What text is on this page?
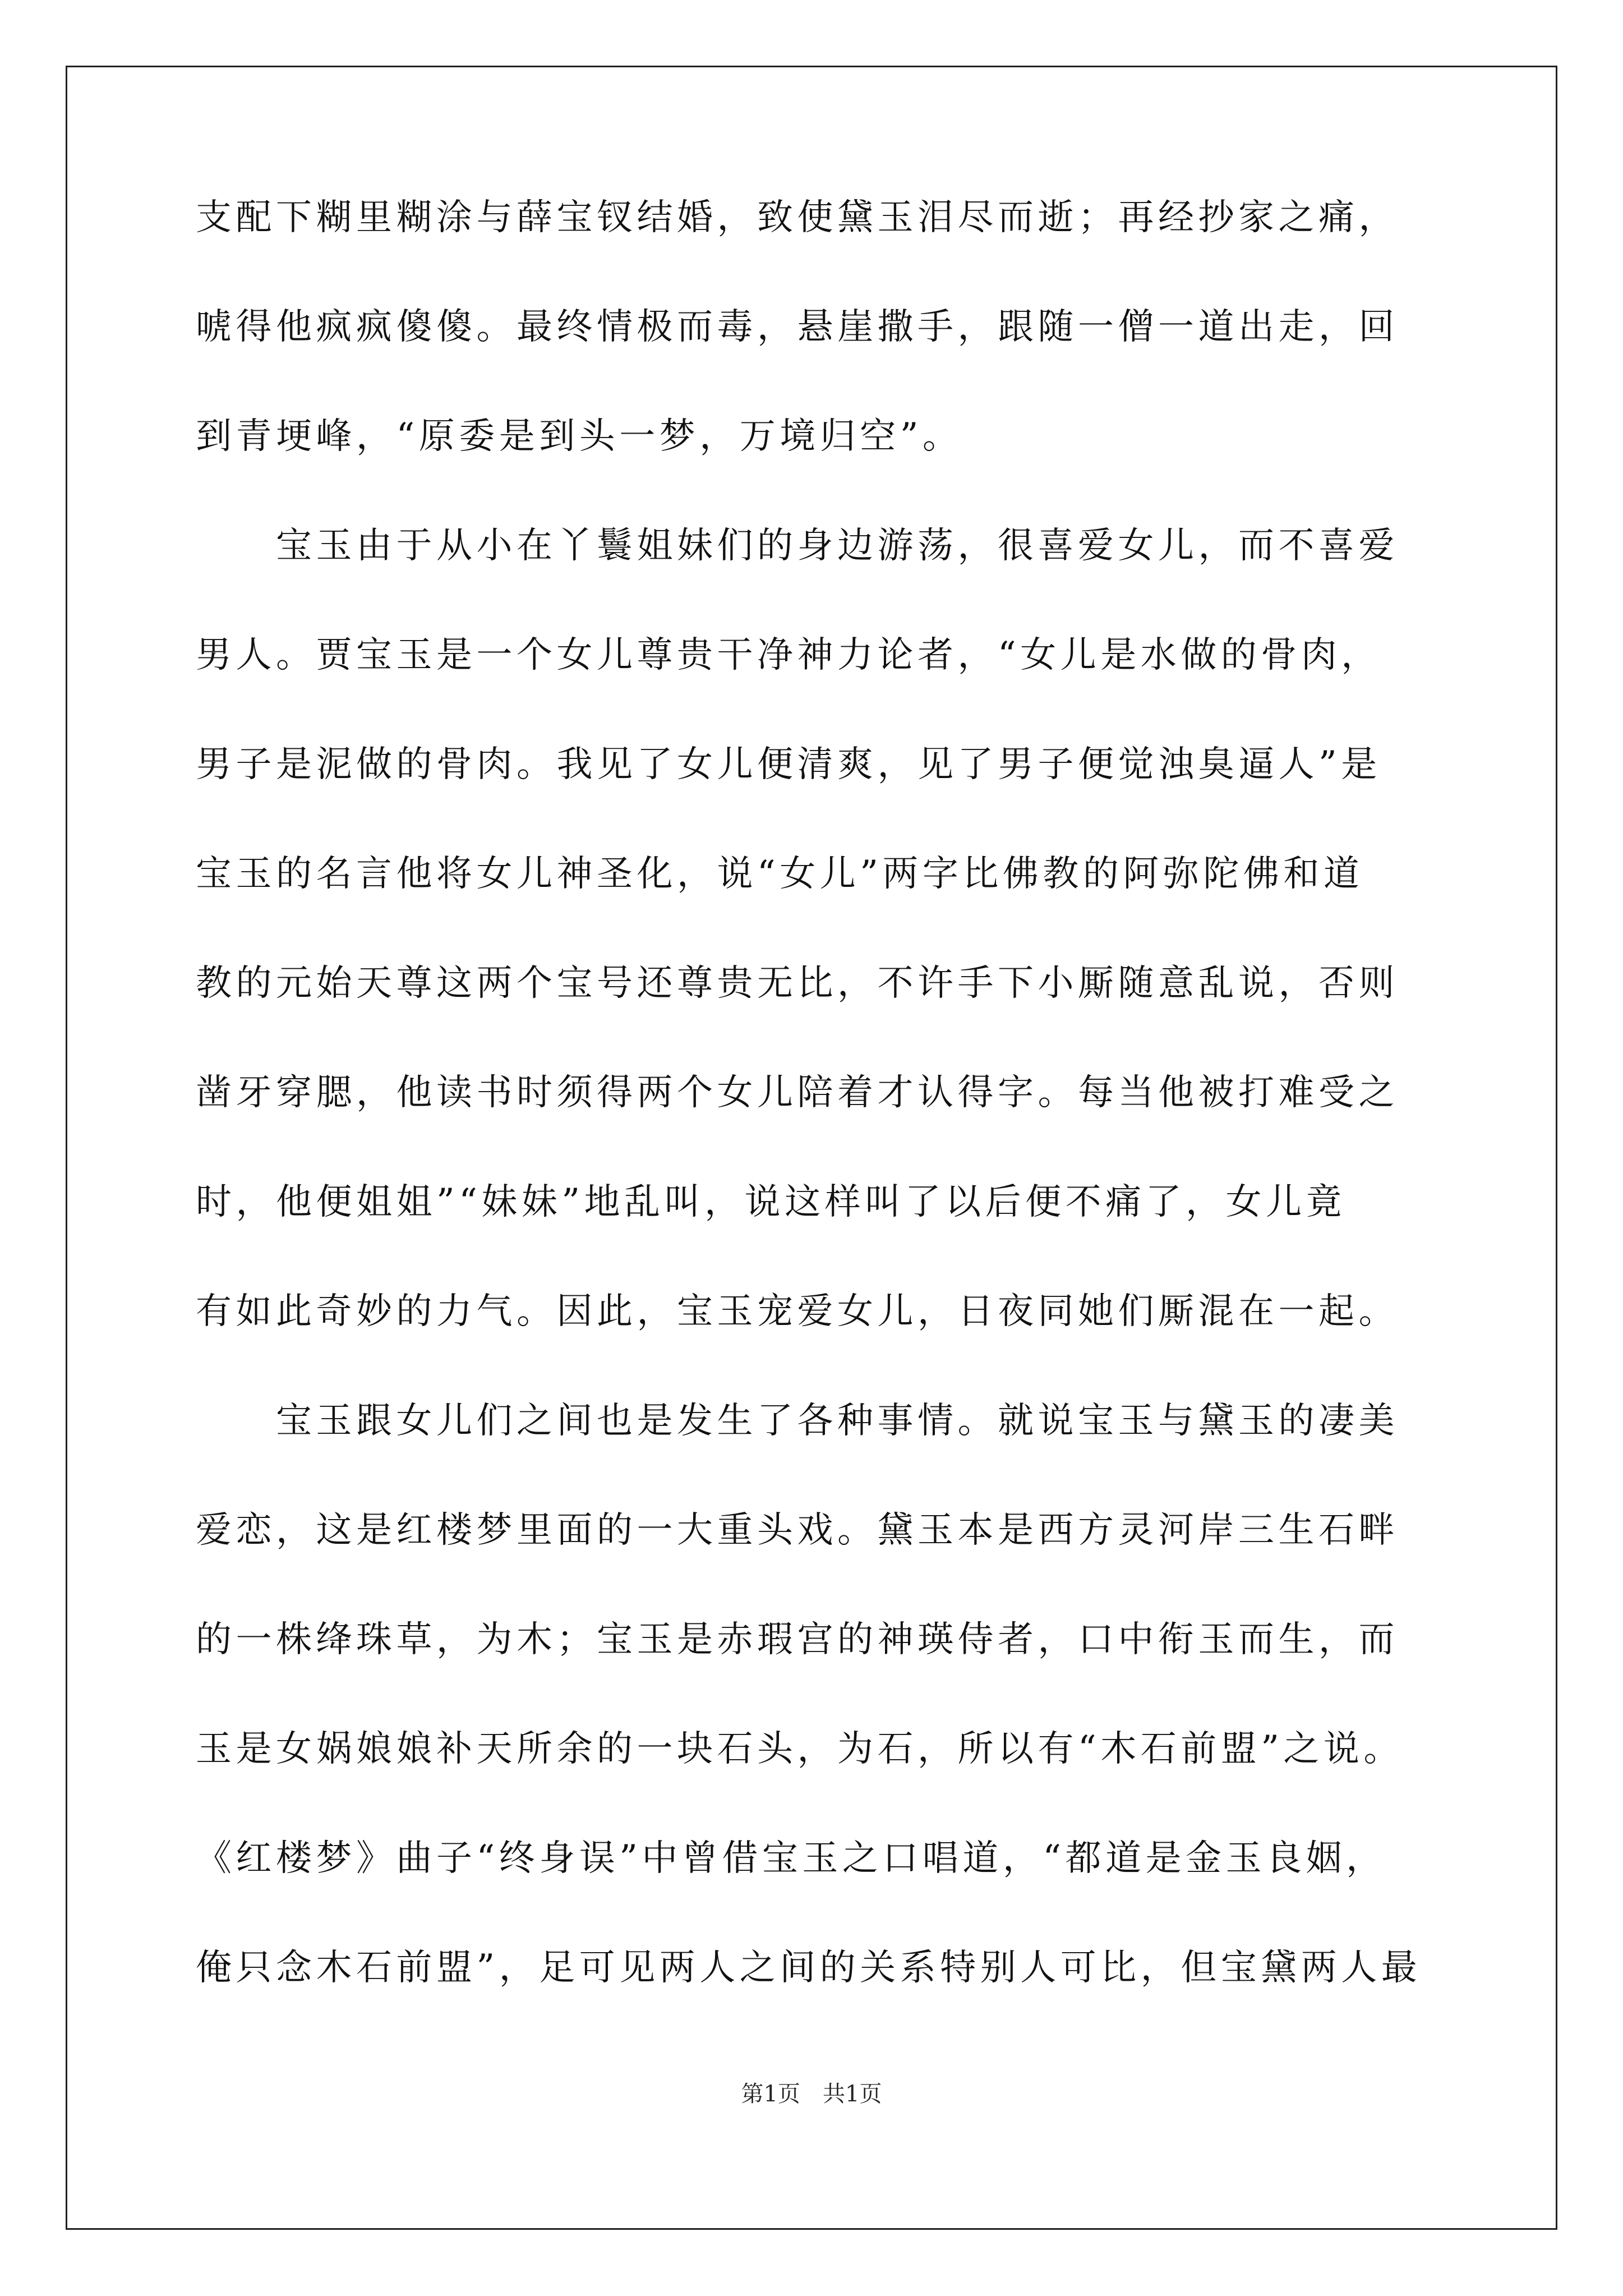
支配下糊里糊涂与薛宝钗结婚，致使黛玉泪尽而逝；再经抄家之痛，
唬得他疯疯傻傻。最终情极而毒，悬崖撒手，跟随一僧一道出走，回
到青埂峰，“原委是到头一梦，万境归空”。
　　宝玉由于从小在丫鬟姐妹们的身边游荡，很喜爱女儿，而不喜爱
男人。贾宝玉是一个女儿尊贵干净神力论者，“女儿是水做的骨肉，
男子是泥做的骨肉。我见了女儿便清爽，见了男子便觉浊臭逼人”是
宝玉的名言他将女儿神圣化，说“女儿”两字比佛教的阿弥陀佛和道
教的元始天尊这两个宝号还尊贵无比，不许手下小厮随意乱说，否则
凿牙穿腮，他读书时须得两个女儿陪着才认得字。每当他被打难受之
时，他便姐姐”“妹妹”地乱叫，说这样叫了以后便不痛了，女儿竟
有如此奇妙的力气。因此，宝玉宠爱女儿，日夜同她们厮混在一起。
　　宝玉跟女儿们之间也是发生了各种事情。就说宝玉与黛玉的凄美
爱恋，这是红楼梦里面的一大重头戏。黛玉本是西方灵河岸三生石畔
的一株绛珠草，为木；宝玉是赤瑕宫的神瑛侍者，口中衔玉而生，而
玉是女娲娘娘补天所余的一块石头，为石，所以有“木石前盟”之说。
《红楼梦》曲子“终身误”中曾借宝玉之口唱道，“都道是金玉良姻，
俺只念木石前盟”，足可见两人之间的关系特别人可比，但宝黛两人最
第1页　共1页
